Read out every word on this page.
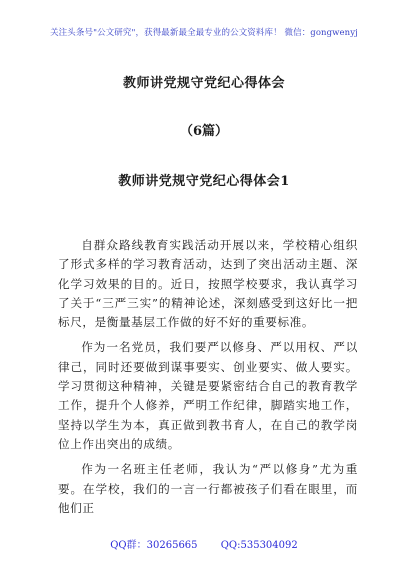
关注头条号"公文研究"，获得最新最全最专业的公文资料库！ 微信：gongwenyj
教师讲党规守党纪心得体会
（6篇）
教师讲党规守党纪心得体会1

自群众路线教育实践活动开展以来，学校精心组织了形式多样的学习教育活动，达到了突出活动主题、深化学习效果的目的。近日，按照学校要求，我认真学习了关于“三严三实”的精神论述，深刻感受到这好比一把标尺，是衡量基层工作做的好不好的重要标准。

作为一名党员，我们要严以修身、严以用权、严以律己，同时还要做到谋事要实、创业要实、做人要实。学习贯彻这种精神，关键是要紧密结合自己的教育教学工作，提升个人修养，严明工作纪律，脚踏实地工作，坚持以学生为本，真正做到教书育人，在自己的教学岗位上作出突出的成绩。

作为一名班主任老师，我认为“严以修身”尤为重要。在学校，我们的一言一行都被孩子们看在眼里，而他们正

QQ群：30265665 QQ:535304092
